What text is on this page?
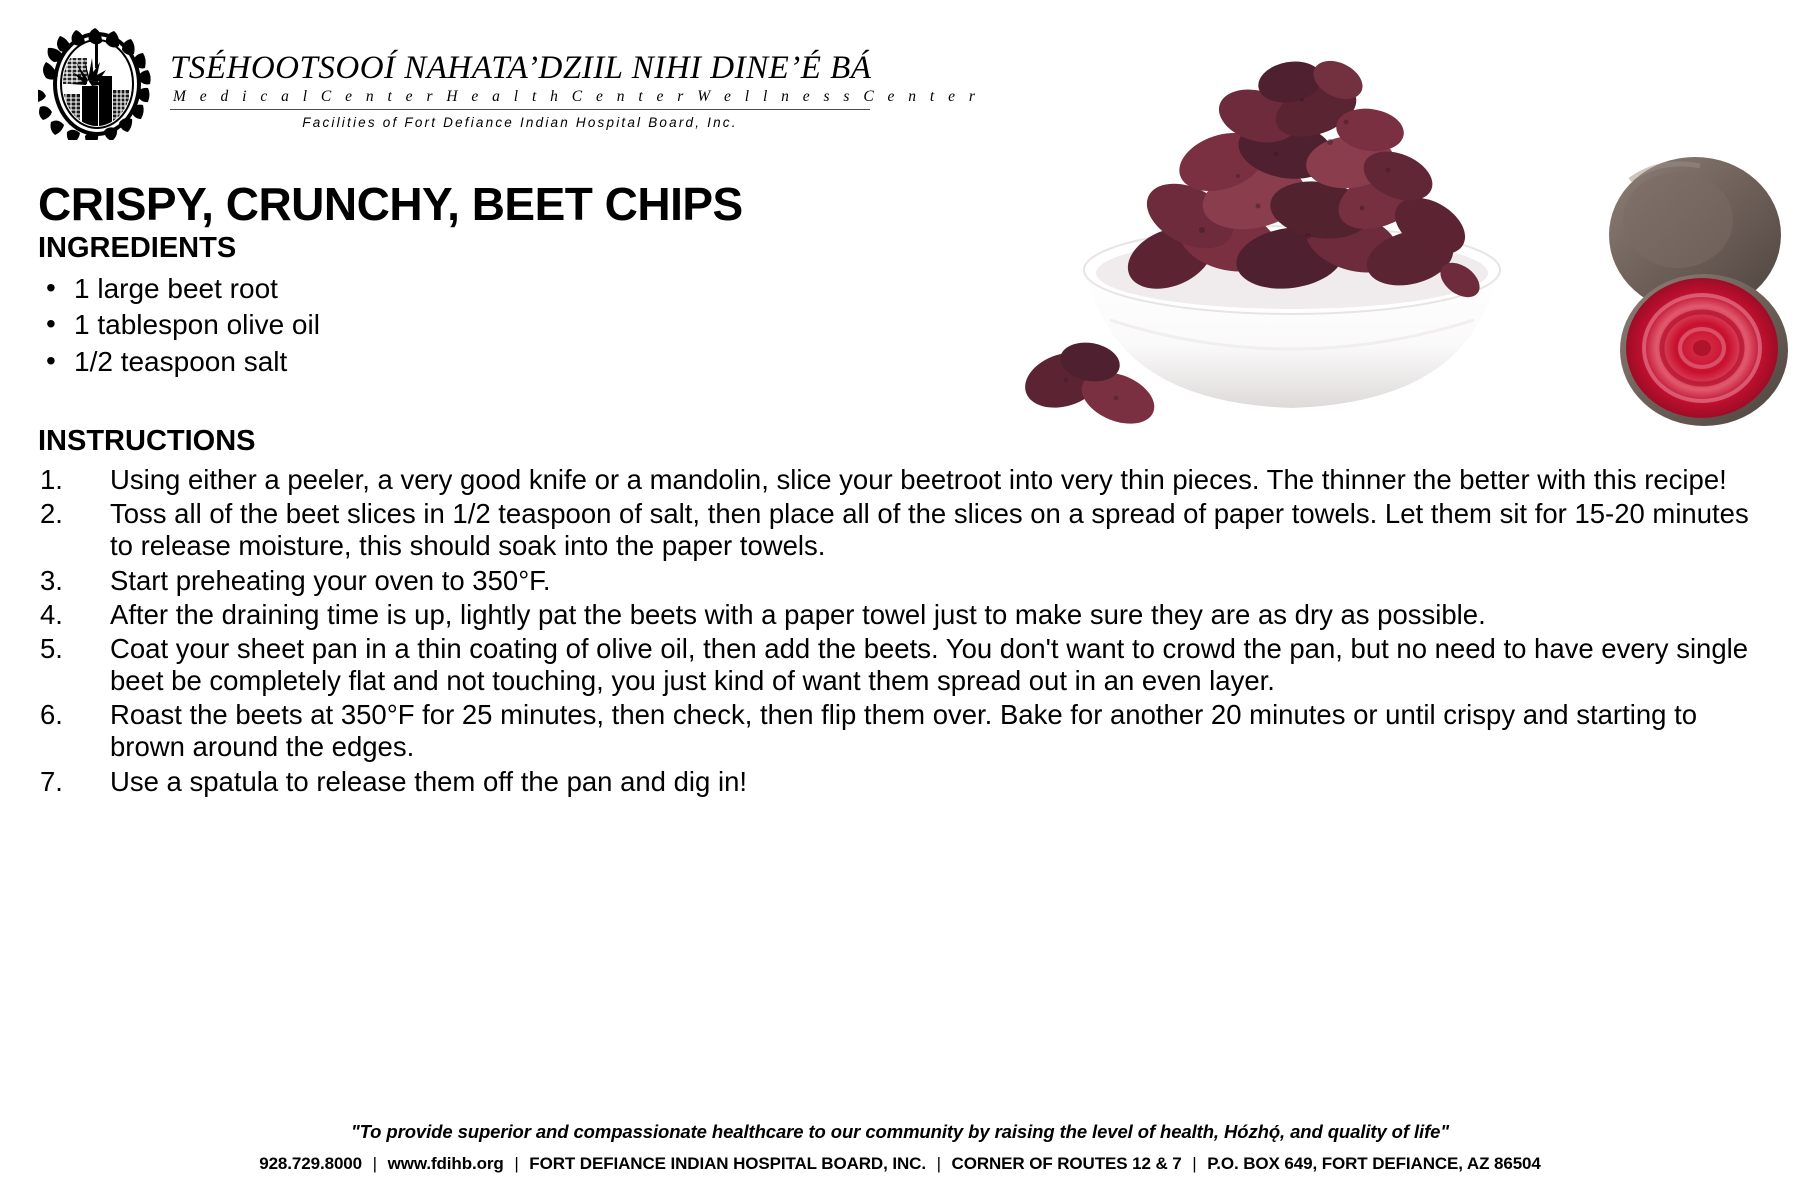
TSÉHOOTSOOÍ NAHATA’DZIIL NIHI DINE’É BÁ
M e d i c a l C e n t e r H e a l t h C e n t e r W e l l n e s s C e n t e r
Facilities of Fort Defiance Indian Hospital Board, Inc.
CRISPY, CRUNCHY, BEET CHIPS
INGREDIENTS
• 1 large beet root
• 1 tablespon olive oil
• 1/2 teaspoon salt
INSTRUCTIONS
1. Using either a peeler, a very good knife or a mandolin, slice your beetroot into very thin pieces. The thinner the better with this recipe!
2. Toss all of the beet slices in 1/2 teaspoon of salt, then place all of the slices on a spread of paper towels. Let them sit for 15-20 minutes to release moisture, this should soak into the paper towels.
3. Start preheating your oven to 350°F.
4. After the draining time is up, lightly pat the beets with a paper towel just to make sure they are as dry as possible.
5. Coat your sheet pan in a thin coating of olive oil, then add the beets. You don't want to crowd the pan, but no need to have every single beet be completely flat and not touching, you just kind of want them spread out in an even layer.
6. Roast the beets at 350°F for 25 minutes, then check, then flip them over. Bake for another 20 minutes or until crispy and starting to brown around the edges.
7. Use a spatula to release them off the pan and dig in!
"To provide superior and compassionate healthcare to our community by raising the level of health, Hózhǫ́, and quality of life"
928.729.8000 | www.fdihb.org | FORT DEFIANCE INDIAN HOSPITAL BOARD, INC. | CORNER OF ROUTES 12 & 7 | P.O. BOX 649, FORT DEFIANCE, AZ 86504
